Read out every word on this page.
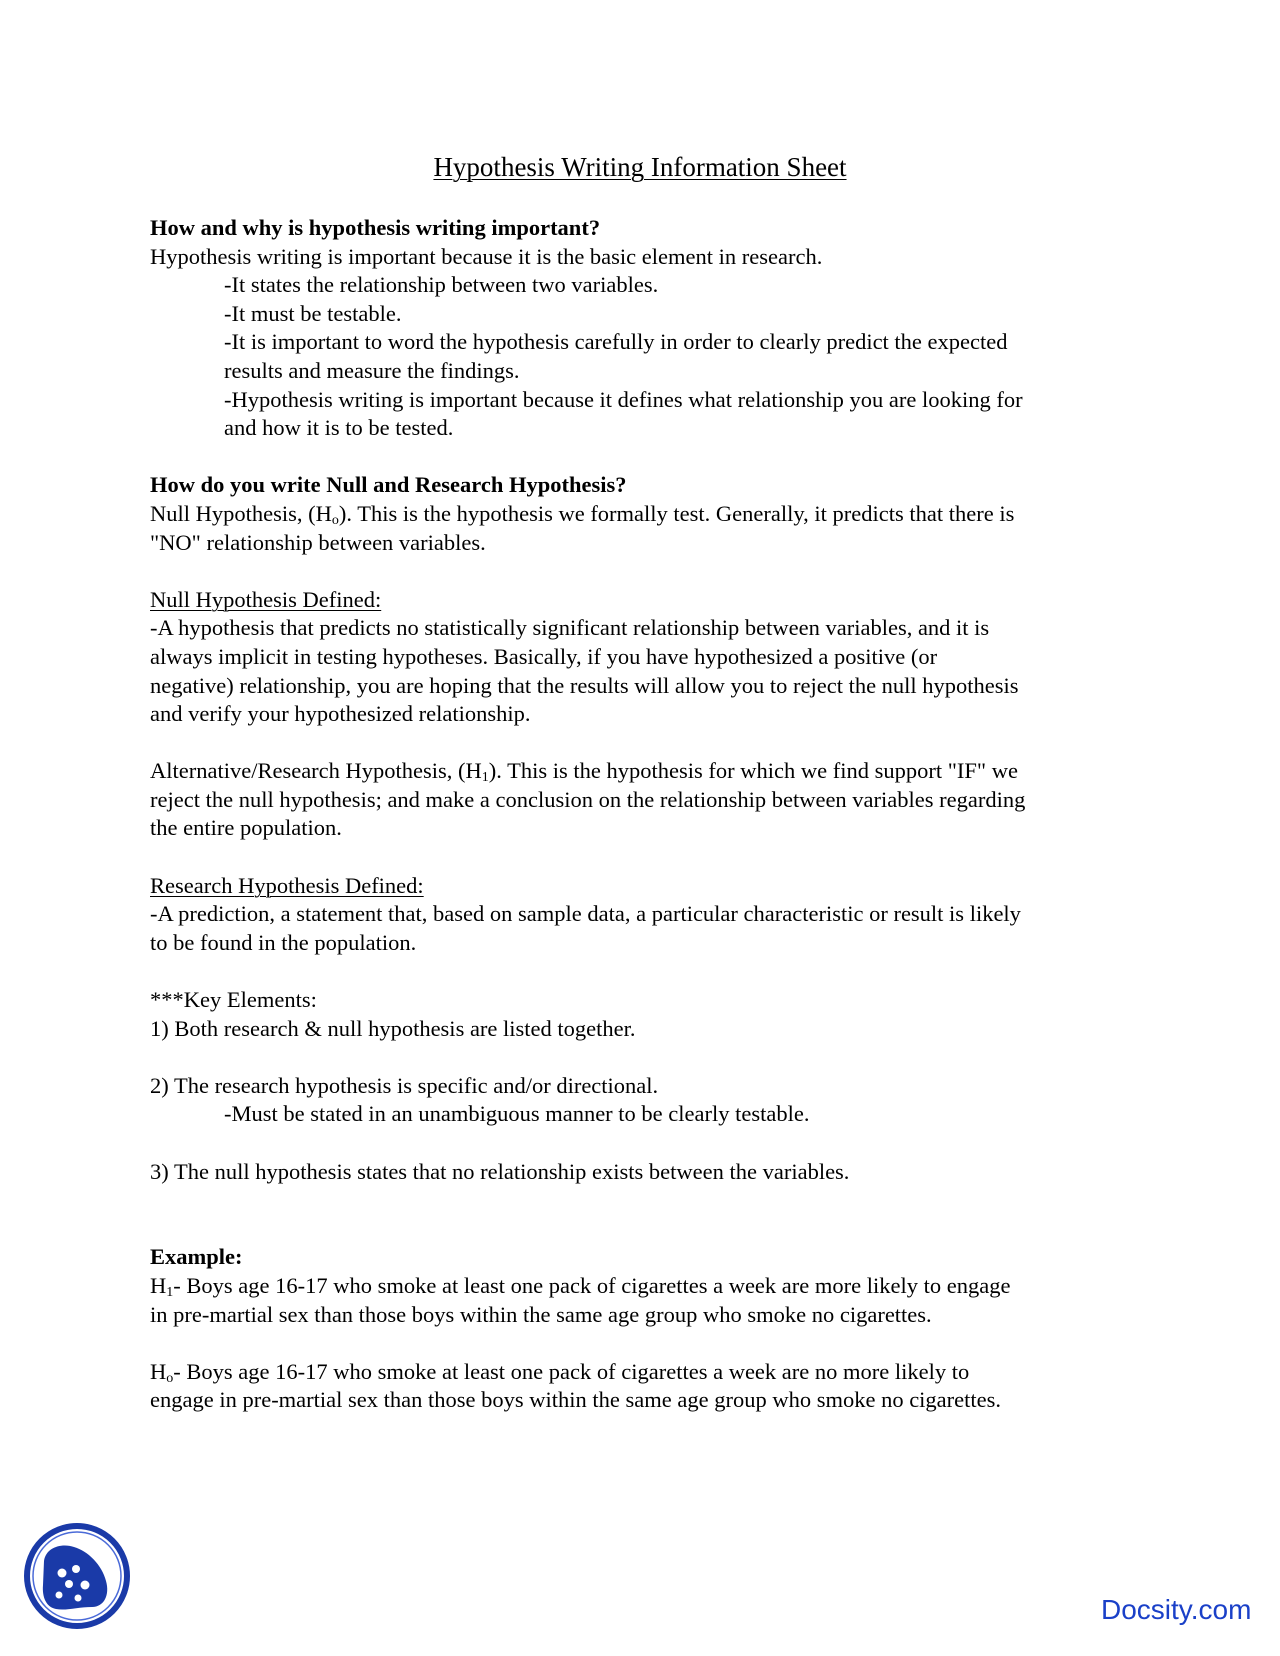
Hypothesis Writing Information Sheet
How and why is hypothesis writing important?
Hypothesis writing is important because it is the basic element in research.
-It states the relationship between two variables.
-It must be testable.
-It is important to word the hypothesis carefully in order to clearly predict the expected
results and measure the findings.
-Hypothesis writing is important because it defines what relationship you are looking for
and how it is to be tested.
How do you write Null and Research Hypothesis?
Null Hypothesis, $(H_o)$. This is the hypothesis we formally test. Generally, it predicts that there is
"NO" relationship between variables.
Null Hypothesis Defined:
-A hypothesis that predicts no statistically significant relationship between variables, and it is
always implicit in testing hypotheses. Basically, if you have hypothesized a positive (or
negative) relationship, you are hoping that the results will allow you to reject the null hypothesis
and verify your hypothesized relationship.
Alternative/Research Hypothesis, $(H_1)$. This is the hypothesis for which we find support "IF" we
reject the null hypothesis; and make a conclusion on the relationship between variables regarding
the entire population.
Research Hypothesis Defined:
-A prediction, a statement that, based on sample data, a particular characteristic or result is likely
to be found in the population.
***Key Elements:
1) Both research & null hypothesis are listed together.
2) The research hypothesis is specific and/or directional.
-Must be stated in an unambiguous manner to be clearly testable.
3) The null hypothesis states that no relationship exists between the variables.
Example:
$H_1-$ Boys age 16-17 who smoke at least one pack of cigarettes a week are more likely to engage
in pre-martial sex than those boys within the same age group who smoke no cigarettes.
$H_o-$ Boys age 16-17 who smoke at least one pack of cigarettes a week are no more likely to
engage in pre-martial sex than those boys within the same age group who smoke no cigarettes.
Docsity.com
